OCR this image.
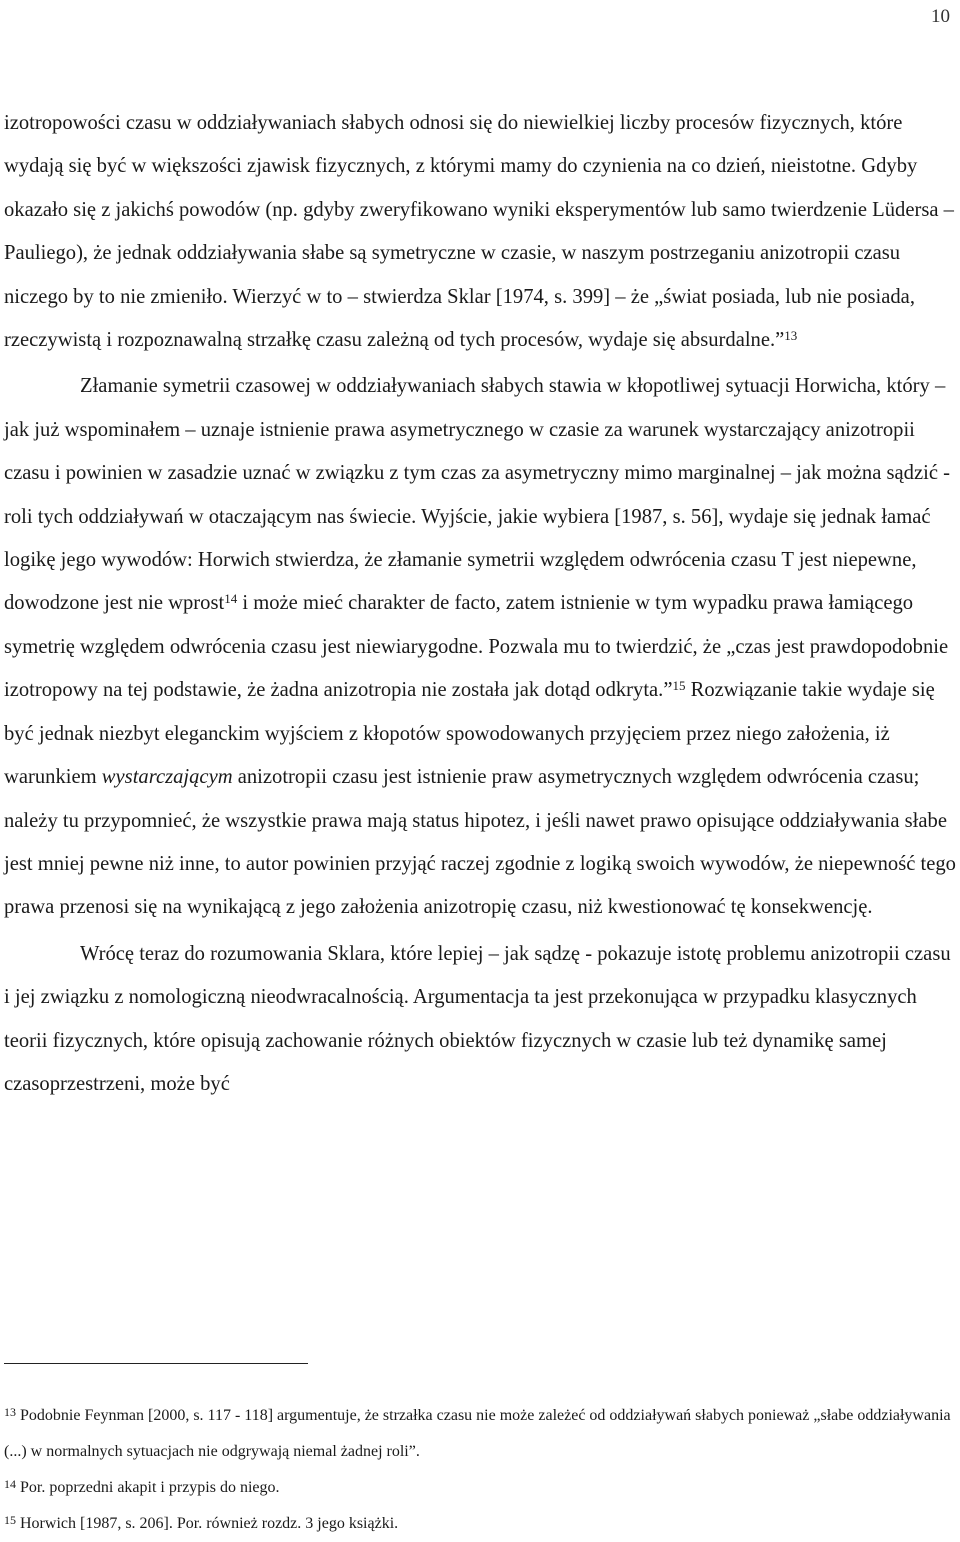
10

izotropowości czasu w oddziaływaniach słabych odnosi się do niewielkiej liczby procesów fizycznych, które wydają się być w większości zjawisk fizycznych, z którymi mamy do czynienia na co dzień, nieistotne. Gdyby okazało się z jakichś powodów (np. gdyby zweryfikowano wyniki eksperymentów lub samo twierdzenie Lüdersa – Pauliego), że jednak oddziaływania słabe są symetryczne w czasie, w naszym postrzeganiu anizotropii czasu niczego by to nie zmieniło. Wierzyć w to – stwierdza Sklar [1974, s. 399] – że „świat posiada, lub nie posiada, rzeczywistą i rozpoznawalną strzałkę czasu zależną od tych procesów, wydaje się absurdalne.”$^{13}$

Złamanie symetrii czasowej w oddziaływaniach słabych stawia w kłopotliwej sytuacji Horwicha, który – jak już wspominałem – uznaje istnienie prawa asymetrycznego w czasie za warunek wystarczający anizotropii czasu i powinien w zasadzie uznać w związku z tym czas za asymetryczny mimo marginalnej – jak można sądzić - roli tych oddziaływań w otaczającym nas świecie. Wyjście, jakie wybiera [1987, s. 56], wydaje się jednak łamać logikę jego wywodów: Horwich stwierdza, że złamanie symetrii względem odwrócenia czasu T jest niepewne, dowodzone jest nie wprost$^{14}$ i może mieć charakter de facto, zatem istnienie w tym wypadku prawa łamiącego symetrię względem odwrócenia czasu jest niewiarygodne. Pozwala mu to twierdzić, że „czas jest prawdopodobnie izotropowy na tej podstawie, że żadna anizotropia nie została jak dotąd odkryta.”$^{15}$ Rozwiązanie takie wydaje się być jednak niezbyt eleganckim wyjściem z kłopotów spowodowanych przyjęciem przez niego założenia, iż warunkiem wystarczającym anizotropii czasu jest istnienie praw asymetrycznych względem odwrócenia czasu; należy tu przypomnieć, że wszystkie prawa mają status hipotez, i jeśli nawet prawo opisujące oddziaływania słabe jest mniej pewne niż inne, to autor powinien przyjąć raczej zgodnie z logiką swoich wywodów, że niepewność tego prawa przenosi się na wynikającą z jego założenia anizotropię czasu, niż kwestionować tę konsekwencję.

Wrócę teraz do rozumowania Sklara, które lepiej – jak sądzę - pokazuje istotę problemu anizotropii czasu i jej związku z nomologiczną nieodwracalnością. Argumentacja ta jest przekonująca w przypadku klasycznych teorii fizycznych, które opisują zachowanie różnych obiektów fizycznych w czasie lub też dynamikę samej czasoprzestrzeni, może być

$^{13}$ Podobnie Feynman [2000, s. 117 - 118] argumentuje, że strzałka czasu nie może zależeć od oddziaływań słabych ponieważ „słabe oddziaływania (...) w normalnych sytuacjach nie odgrywają niemal żadnej roli”.

$^{14}$ Por. poprzedni akapit i przypis do niego.

$^{15}$ Horwich [1987, s. 206]. Por. również rozdz. 3 jego książki.
